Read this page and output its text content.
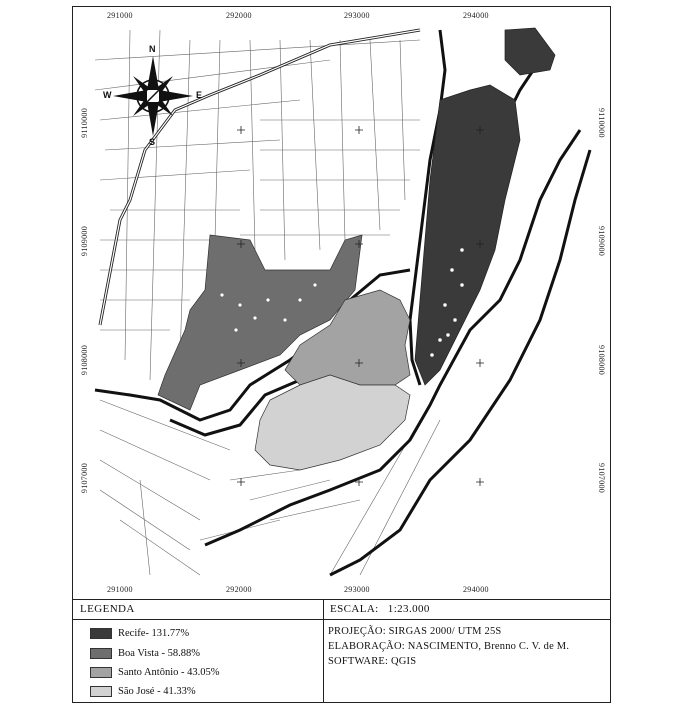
N
S
W	E
291000	292000	293000	294000
291000	292000	293000	294000
9110000
9109000
9108000
9107000
9110000
9109000
9108000
9107000
LEGENDA	ESCALA: 1:23.000
Recife- 131.77%
Boa Vista - 58.88%
Santo Antônio - 43.05%
São José - 41.33%
PROJEÇÃO: SIRGAS 2000/ UTM 25S
ELABORAÇÃO: NASCIMENTO, Brenno C. V. de M.
SOFTWARE: QGIS
